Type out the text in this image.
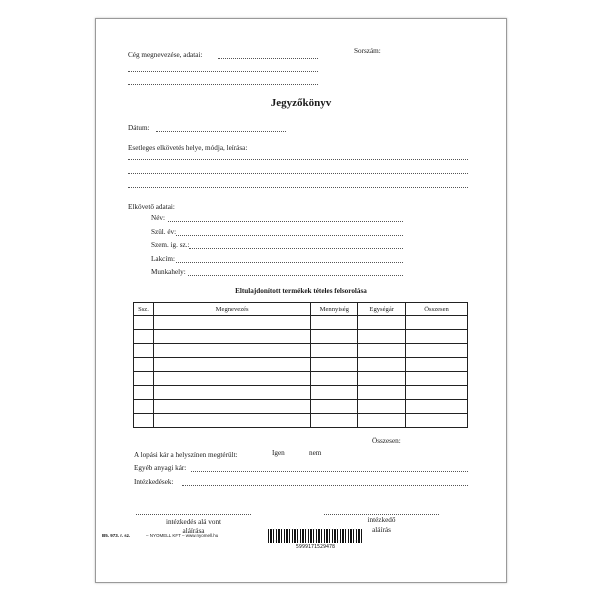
Cég megnevezése, adatai:	Sorszám:
Jegyzőkönyv
Dátum:
Esetleges elkövetés helye, módja, leírása:
Elkövető adatai:
Név:
Szül. év:
Szem. ig. sz.:
Lakcím:
Munkahely:
Eltulajdonított termékek tételes felsorolása
Ssz.	Megnevezés	Mennyiség	Egységár	Összesen

Összesen:
A lopási kár a helyszínen megtérült:	Igen	nem
Egyéb anyagi kár:
Intézkedések:
intézkedés alá vont
aláírása
intézkedő
aláírás
B5. 973. r. sz.	– NYOMELL KFT – www.nyomell.hu
5999171529478
